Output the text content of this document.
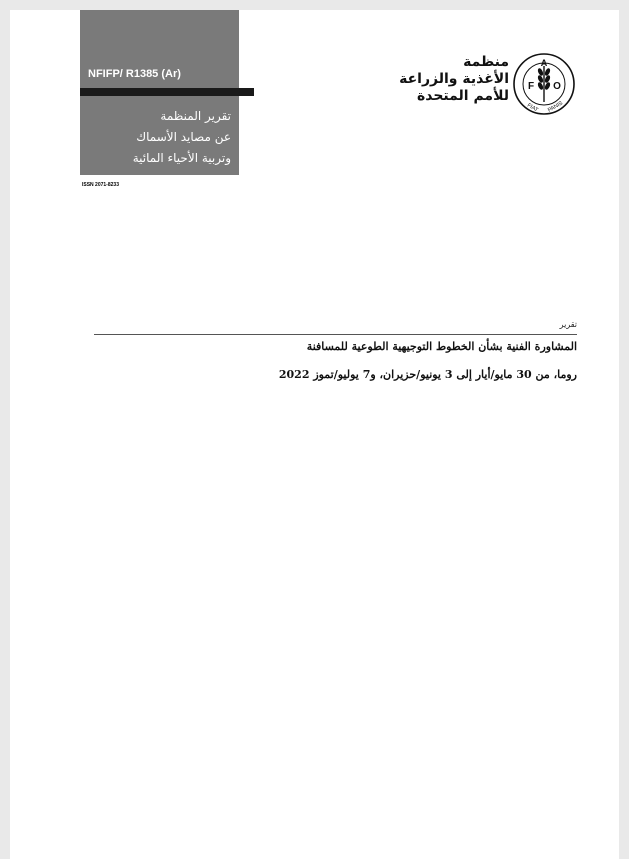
NFIFP/ R1385 (Ar)
تقرير المنظمة
عن مصايد الأسماك
وتربية الأحياء المائية
ISSN 2071-8233
منظمة
الأغذية والزراعة
للأمم المتحدة
F
A
O
FIAT PANIS
تقرير
المشاورة الفنية بشأن الخطوط التوجيهية الطوعية للمسافنة
روما، من 30 مايو/أيار إلى 3 يونيو/حزيران، و7 يوليو/تموز 2022
